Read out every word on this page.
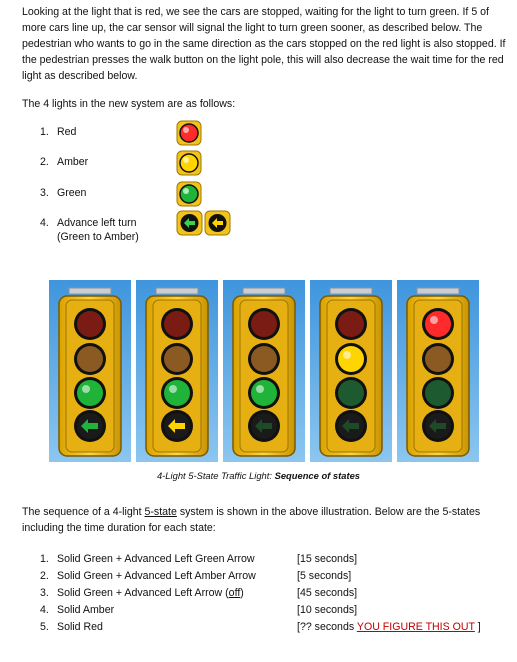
Looking at the light that is red, we see the cars are stopped, waiting for the light to turn green. If 5 of more cars line up, the car sensor will signal the light to turn green sooner, as described below. The pedestrian who wants to go in the same direction as the cars stopped on the red light is also stopped. If the pedestrian presses the walk button on the light pole, this will also decrease the wait time for the red light as described below.
The 4 lights in the new system are as follows:
1. Red
2. Amber
3. Green
4. Advance left turn
(Green to Amber)
4-Light 5-State Traffic Light: Sequence of states
The sequence of a 4-light 5-state system is shown in the above illustration. Below are the 5-states including the time duration for each state:
1. Solid Green + Advanced Left Green Arrow	[15 seconds]
2. Solid Green + Advanced Left Amber Arrow	[5 seconds]
3. Solid Green + Advanced Left Arrow (off)	[45 seconds]
4. Solid Amber	[10 seconds]
5. Solid Red	[?? seconds YOU FIGURE THIS OUT ]
